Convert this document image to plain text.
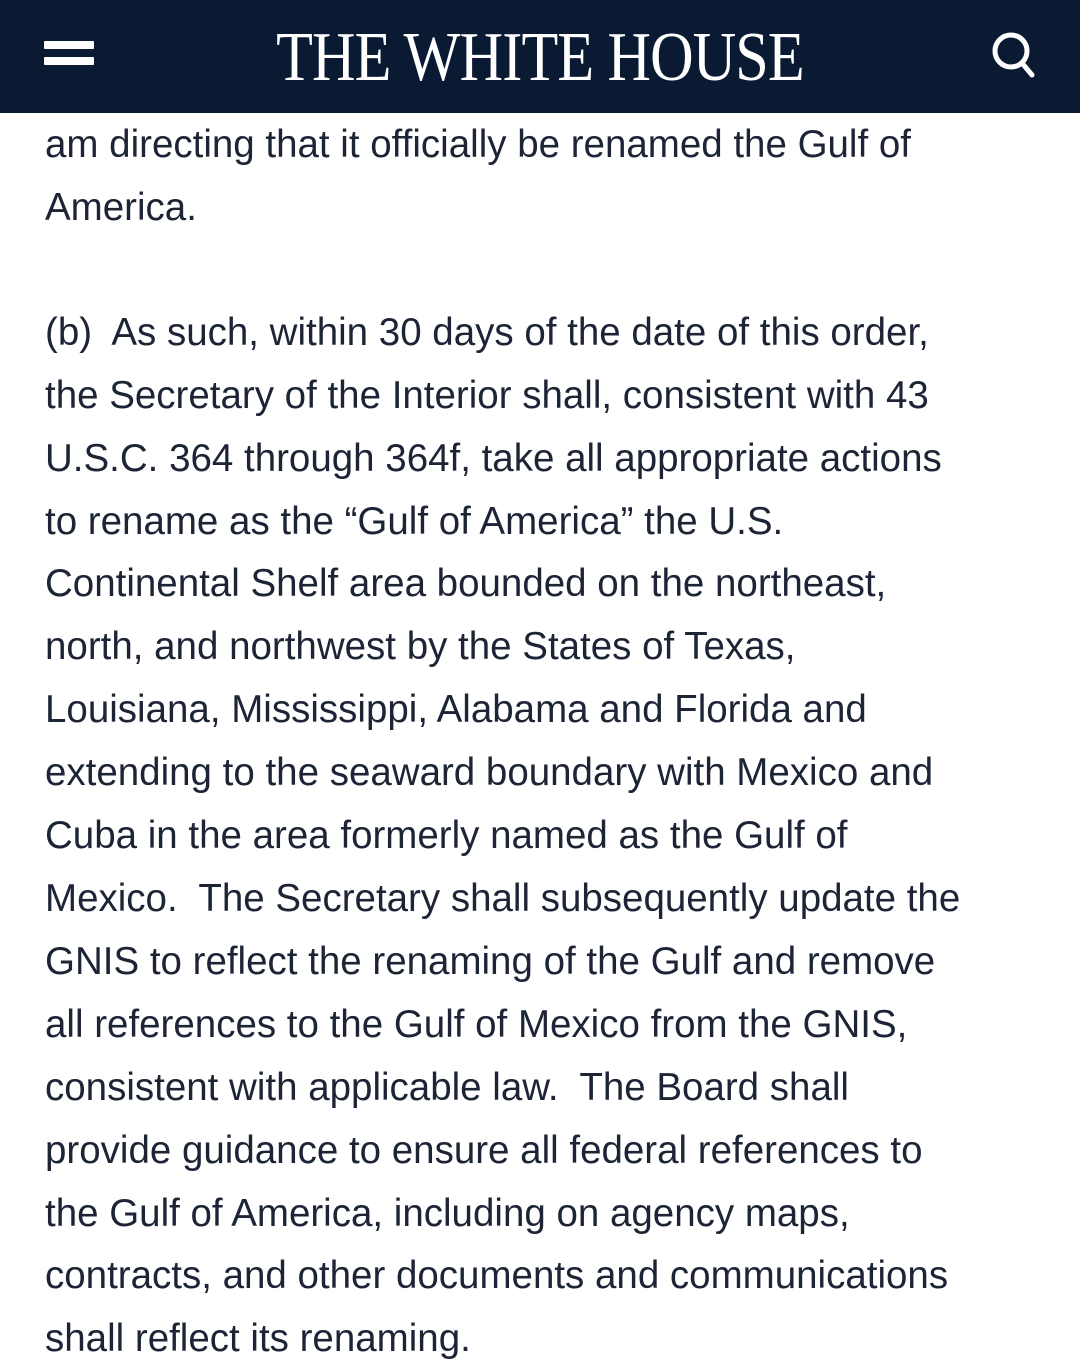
THE WHITE HOUSE

am directing that it officially be renamed the Gulf of
America.

(b)  As such, within 30 days of the date of this order,
the Secretary of the Interior shall, consistent with 43
U.S.C. 364 through 364f, take all appropriate actions
to rename as the “Gulf of America” the U.S.
Continental Shelf area bounded on the northeast,
north, and northwest by the States of Texas,
Louisiana, Mississippi, Alabama and Florida and
extending to the seaward boundary with Mexico and
Cuba in the area formerly named as the Gulf of
Mexico.  The Secretary shall subsequently update the
GNIS to reflect the renaming of the Gulf and remove
all references to the Gulf of Mexico from the GNIS,
consistent with applicable law.  The Board shall
provide guidance to ensure all federal references to
the Gulf of America, including on agency maps,
contracts, and other documents and communications
shall reflect its renaming.
